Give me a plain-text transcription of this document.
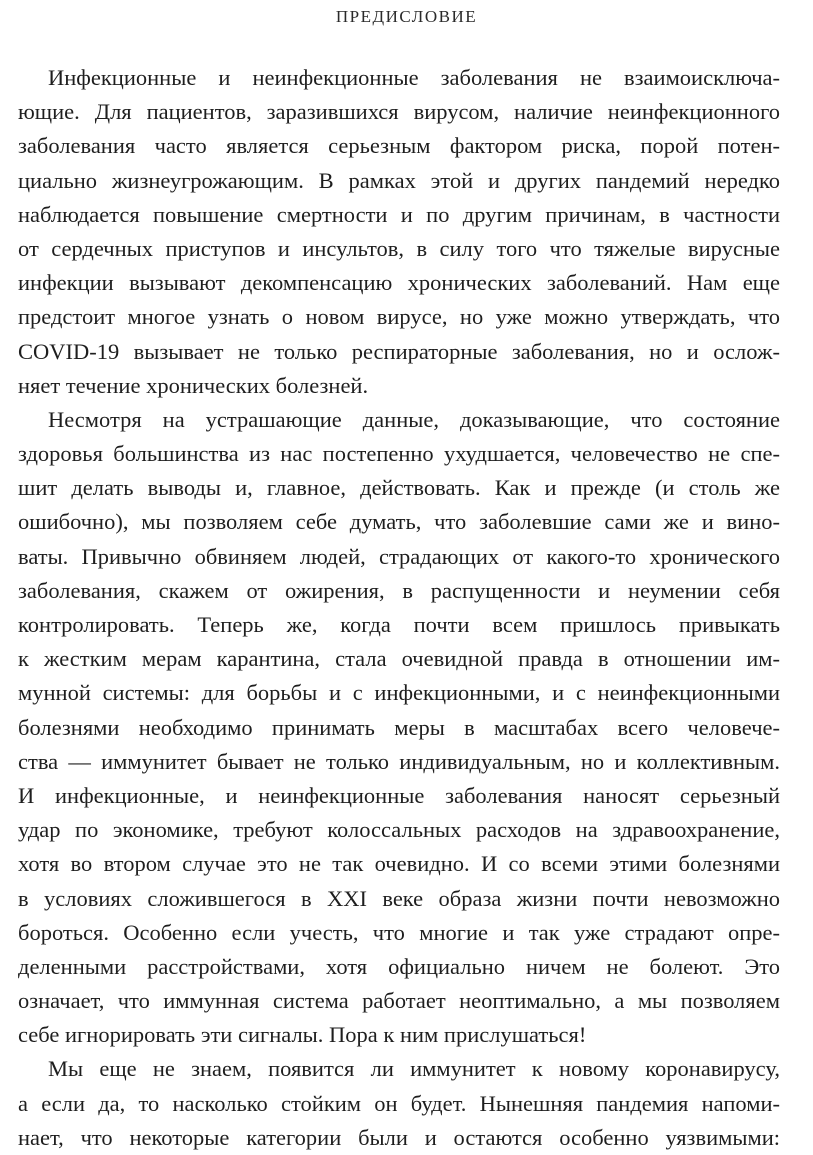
ПРЕДИСЛОВИЕ
Инфекционные и неинфекционные заболевания не взаимоисключа-
ющие. Для пациентов, заразившихся вирусом, наличие неинфекционного
заболевания часто является серьезным фактором риска, порой потен-
циально жизнеугрожающим. В рамках этой и других пандемий нередко
наблюдается повышение смертности и по другим причинам, в частности
от сердечных приступов и инсультов, в силу того что тяжелые вирусные
инфекции вызывают декомпенсацию хронических заболеваний. Нам еще
предстоит многое узнать о новом вирусе, но уже можно утверждать, что
COVID-19 вызывает не только респираторные заболевания, но и ослож-
няет течение хронических болезней.
Несмотря на устрашающие данные, доказывающие, что состояние
здоровья большинства из нас постепенно ухудшается, человечество не спе-
шит делать выводы и, главное, действовать. Как и прежде (и столь же
ошибочно), мы позволяем себе думать, что заболевшие сами же и вино-
ваты. Привычно обвиняем людей, страдающих от какого-то хронического
заболевания, скажем от ожирения, в распущенности и неумении себя
контролировать. Теперь же, когда почти всем пришлось привыкать
к жестким мерам карантина, стала очевидной правда в отношении им-
мунной системы: для борьбы и с инфекционными, и с неинфекционными
болезнями необходимо принимать меры в масштабах всего человече-
ства — иммунитет бывает не только индивидуальным, но и коллективным.
И инфекционные, и неинфекционные заболевания наносят серьезный
удар по экономике, требуют колоссальных расходов на здравоохранение,
хотя во втором случае это не так очевидно. И со всеми этими болезнями
в условиях сложившегося в XXI веке образа жизни почти невозможно
бороться. Особенно если учесть, что многие и так уже страдают опре-
деленными расстройствами, хотя официально ничем не болеют. Это
означает, что иммунная система работает неоптимально, а мы позволяем
себе игнорировать эти сигналы. Пора к ним прислушаться!
Мы еще не знаем, появится ли иммунитет к новому коронавирусу,
а если да, то насколько стойким он будет. Нынешняя пандемия напоми-
нает, что некоторые категории были и остаются особенно уязвимыми:
